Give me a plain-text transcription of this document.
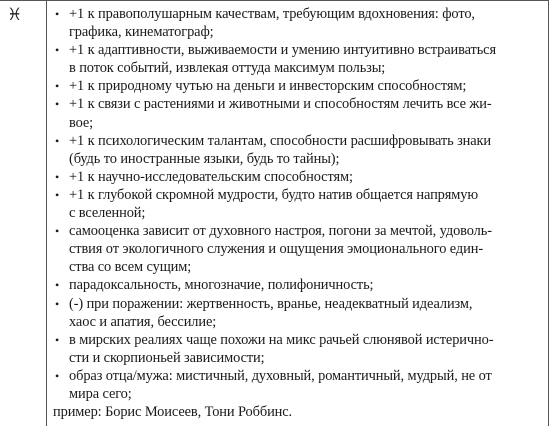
♓	• +1 к правополушарным качествам, требующим вдохновения: фото,
графика, кинематограф;
• +1 к адаптивности, выживаемости и умению интуитивно встраиваться
в поток событий, извлекая оттуда максимум пользы;
• +1 к природному чутью на деньги и инвесторским способностям;
• +1 к связи с растениями и животными и способностям лечить все жи-
вое;
• +1 к психологическим талантам, способности расшифровывать знаки
(будь то иностранные языки, будь то тайны);
• +1 к научно-исследовательским способностям;
• +1 к глубокой скромной мудрости, будто натив общается напрямую
с вселенной;
• самооценка зависит от духовного настроя, погони за мечтой, удоволь-
ствия от экологичного служения и ощущения эмоционального един-
ства со всем сущим;
• парадоксальность, многозначие, полифоничность;
• (-) при поражении: жертвенность, вранье, неадекватный идеализм,
хаос и апатия, бессилие;
• в мирских реалиях чаще похожи на микс рачьей слюнявой истерично-
сти и скорпионьей зависимости;
• образ отца/мужа: мистичный, духовный, романтичный, мудрый, не от
мира сего;
пример: Борис Моисеев, Тони Роббинс.
